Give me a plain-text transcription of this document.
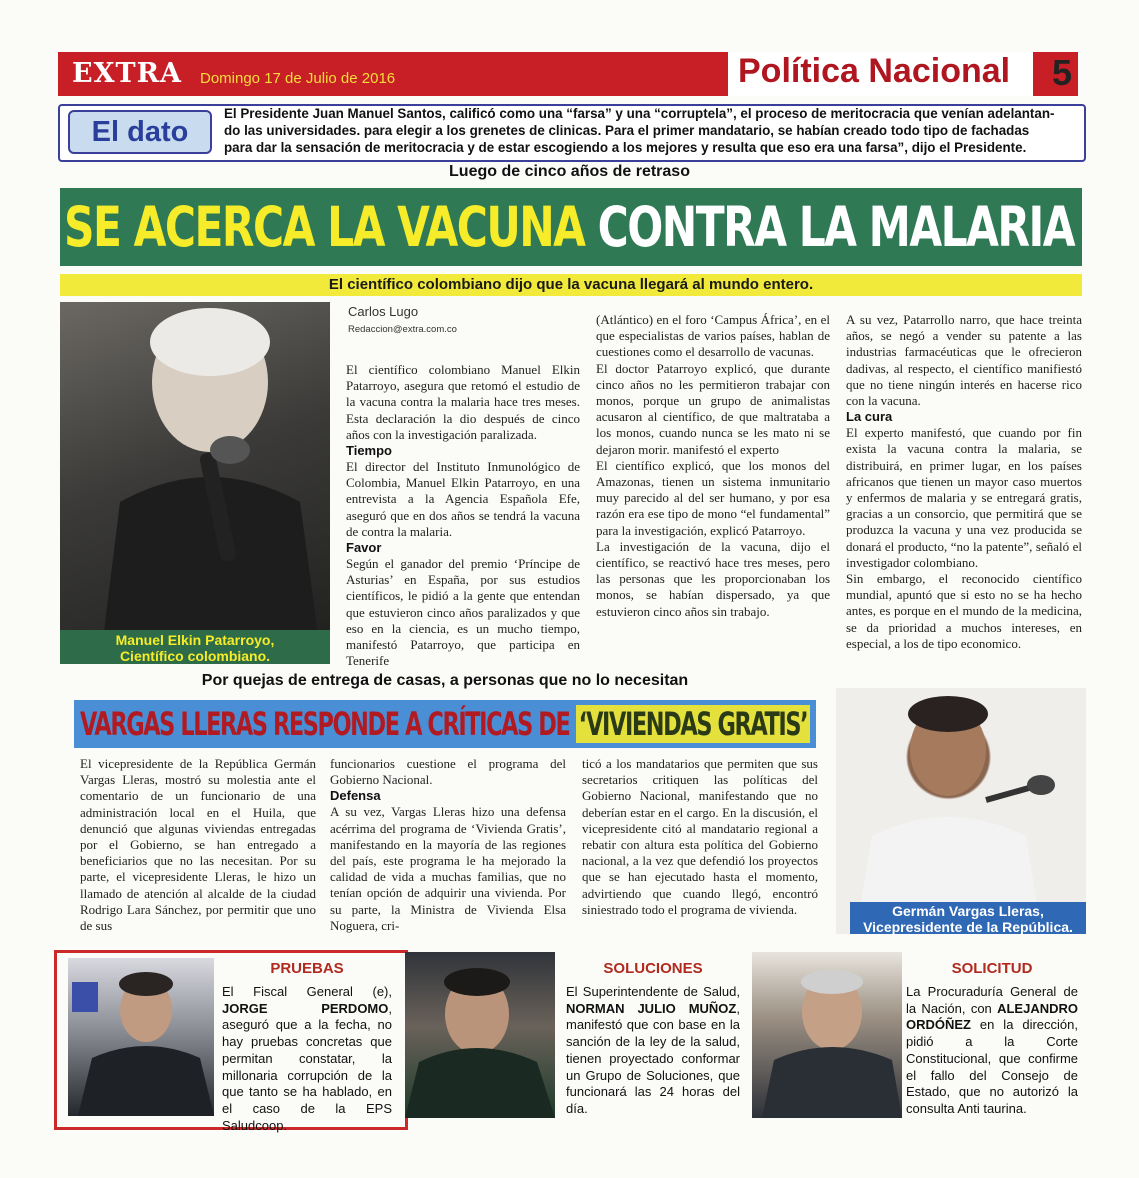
EXTRA Domingo 17 de Julio de 2016	Política Nacional 5
El dato
El Presidente Juan Manuel Santos, calificó como una “farsa” y una “corruptela”, el proceso de meritocracia que venían adelantan-
do las universidades. para elegir a los grenetes de clinicas. Para el primer mandatario, se habían creado todo tipo de fachadas
para dar la sensación de meritocracia y de estar escogiendo a los mejores y resulta que eso era una farsa”, dijo el Presidente.
Luego de cinco años de retraso
SE ACERCA LA VACUNA CONTRA LA MALARIA
El científico colombiano dijo que la vacuna llegará al mundo entero.
Manuel Elkin Patarroyo,
Científico colombiano.
Carlos Lugo
Redaccion@extra.com.co

El científico colombiano Manuel Elkin Patarroyo, asegura que retomó el estudio de la vacuna contra la malaria hace tres meses. Esta declaración la dio después de cinco años con la investigación paralizada.

Tiempo

El director del Instituto Inmunológico de Colombia, Manuel Elkin Patarroyo, en una entrevista a la Agencia Española Efe, aseguró que en dos años se tendrá la vacuna de contra la malaria.

Favor

Según el ganador del premio ‘Príncipe de Asturias’ en España, por sus estudios científicos, le pidió a la gente que entendan que estuvieron cinco años paralizados y que eso en la ciencia, es un mucho tiempo, manifestó Patarroyo, que participa en Tenerife

(Atlántico) en el foro ‘Campus África’, en el que especialistas de varios países, hablan de cuestiones como el desarrollo de vacunas.

El doctor Patarroyo explicó, que durante cinco años no les permitieron trabajar con monos, porque un grupo de animalistas acusaron al científico, de que maltrataba a los monos, cuando nunca se les mato ni se dejaron morir. manifestó el experto

El científico explicó, que los monos del Amazonas, tienen un sistema inmunitario muy parecido al del ser humano, y por esa razón era ese tipo de mono “el fundamental” para la investigación, explicó Patarroyo.

La investigación de la vacuna, dijo el científico, se reactivó hace tres meses, pero las personas que les proporcionaban los monos, se habían dispersado, ya que estuvieron cinco años sin trabajo.

A su vez, Patarrollo narro, que hace treinta años, se negó a vender su patente a las industrias farmacéuticas que le ofrecieron dadivas, al respecto, el científico manifiestó que no tiene ningún interés en hacerse rico con la vacuna.

La cura

El experto manifestó, que cuando por fin exista la vacuna contra la malaria, se distribuirá, en primer lugar, en los países africanos que tienen un mayor caso muertos y enfermos de malaria y se entregará gratis, gracias a un consorcio, que permitirá que se produzca la vacuna y una vez producida se donará el producto, “no la patente”, señaló el investigador colombiano.

Sin embargo, el reconocido científico mundial, apuntó que si esto no se ha hecho antes, es porque en el mundo de la medicina, se da prioridad a muchos intereses, en especial, a los de tipo economico.

Por quejas de entrega de casas, a personas que no lo necesitan
VARGAS LLERAS RESPONDE A CRÍTICAS DE ‘VIVIENDAS GRATIS’

El vicepresidente de la República Germán Vargas Lleras, mostró su molestia ante el comentario de un funcionario de una administración local en el Huila, que denunció que algunas viviendas entregadas por el Gobierno, se han entregado a beneficiarios que no las necesitan. Por su parte, el vicepresidente Lleras, le hizo un llamado de atención al alcalde de la ciudad Rodrigo Lara Sánchez, por permitir que uno de sus

funcionarios cuestione el programa del Gobierno Nacional.

Defensa

A su vez, Vargas Lleras hizo una defensa acérrima del programa de ‘Vivienda Gratis’, manifestando en la mayoría de las regiones del país, este programa le ha mejorado la calidad de vida a muchas familias, que no tenían opción de adquirir una vivienda. Por su parte, la Ministra de Vivienda Elsa Noguera, cri-

ticó a los mandatarios que permiten que sus secretarios critiquen las políticas del Gobierno Nacional, manifestando que no deberían estar en el cargo. En la discusión, el vicepresidente citó al mandatario regional a rebatir con altura esta política del Gobierno nacional, a la vez que defendió los proyectos que se han ejecutado hasta el momento, advirtiendo que cuando llegó, encontró siniestrado todo el programa de vivienda.	Germán Vargas Lleras,
Vicepresidente de la República.
PRUEBAS
El Fiscal General (e), JORGE PERDOMO, aseguró que a la fecha, no hay pruebas concretas que permitan constatar, la millonaria corrupción de la que tanto se ha hablado, en el caso de la EPS Saludcoop.
SOLUCIONES
El Superintendente de Salud, NORMAN JULIO MUÑOZ, manifestó que con base en la sanción de la ley de la salud, tienen proyectado conformar un Grupo de Soluciones, que funcionará las 24 horas del día.
SOLICITUD
La Procuraduría General de la Nación, con ALEJANDRO ORDÓÑEZ en la dirección, pidió a la Corte Constitucional, que confirme el fallo del Consejo de Estado, que no autorizó la consulta Anti taurina.
